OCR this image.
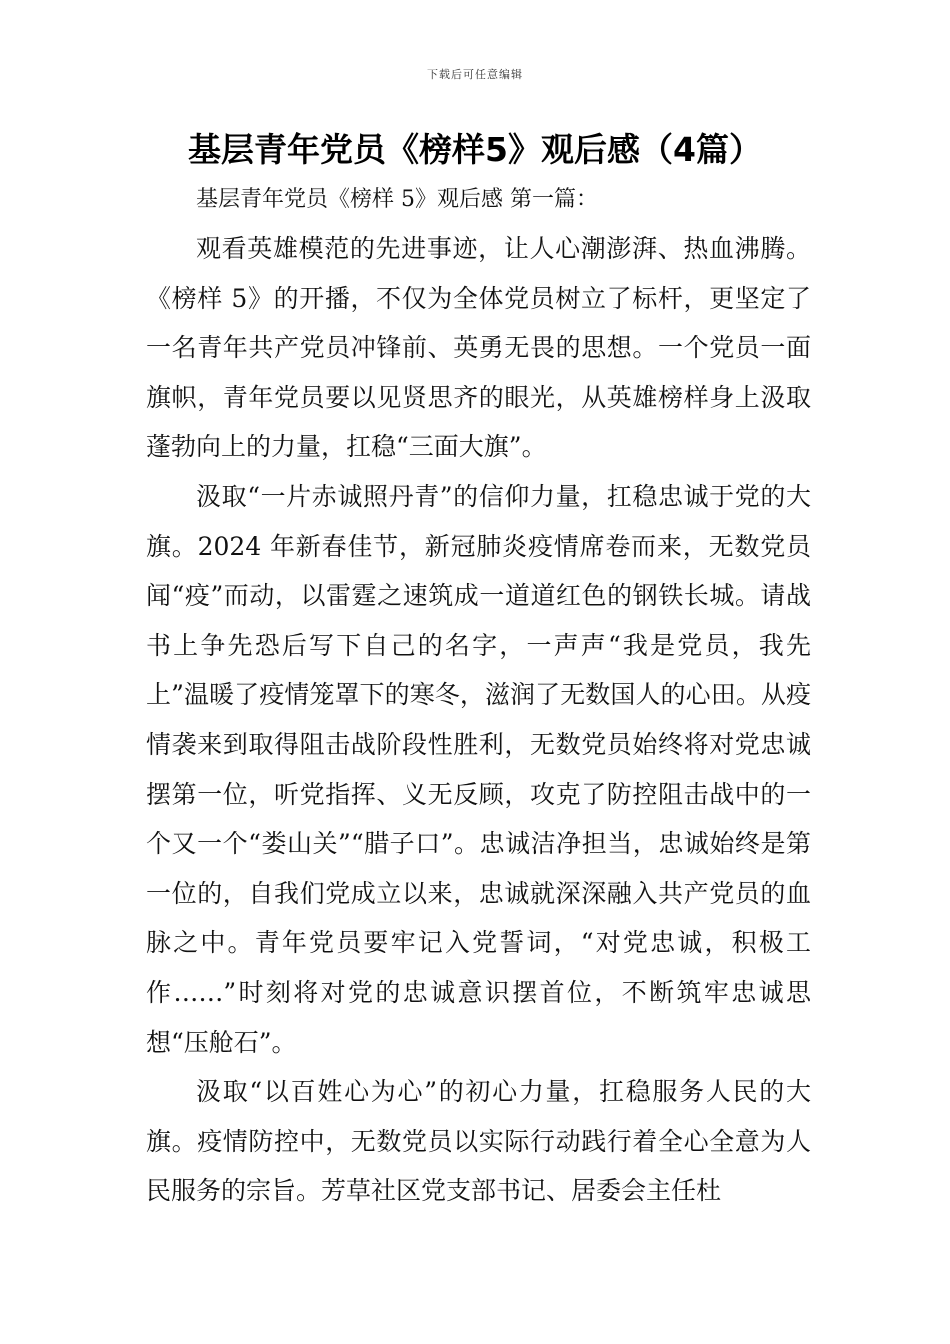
下载后可任意编辑
基层青年党员《榜样5》观后感（4篇）

基层青年党员《榜样 5》观后感 第一篇：

观看英雄模范的先进事迹，让人心潮澎湃、热血沸腾。《榜样 5》的开播，不仅为全体党员树立了标杆，更坚定了一名青年共产党员冲锋前、英勇无畏的思想。一个党员一面旗帜，青年党员要以见贤思齐的眼光，从英雄榜样身上汲取蓬勃向上的力量，扛稳“三面大旗”。

汲取“一片赤诚照丹青”的信仰力量，扛稳忠诚于党的大旗。2024 年新春佳节，新冠肺炎疫情席卷而来，无数党员闻“疫”而动，以雷霆之速筑成一道道红色的钢铁长城。请战书上争先恐后写下自己的名字，一声声“我是党员，我先上”温暖了疫情笼罩下的寒冬，滋润了无数国人的心田。从疫情袭来到取得阻击战阶段性胜利，无数党员始终将对党忠诚摆第一位，听党指挥、义无反顾，攻克了防控阻击战中的一个又一个“娄山关”“腊子口”。忠诚洁净担当，忠诚始终是第一位的，自我们党成立以来，忠诚就深深融入共产党员的血脉之中。青年党员要牢记入党誓词，“对党忠诚，积极工作……”时刻将对党的忠诚意识摆首位，不断筑牢忠诚思想“压舱石”。

汲取“以百姓心为心”的初心力量，扛稳服务人民的大旗。疫情防控中，无数党员以实际行动践行着全心全意为人民服务的宗旨。芳草社区党支部书记、居委会主任杜
